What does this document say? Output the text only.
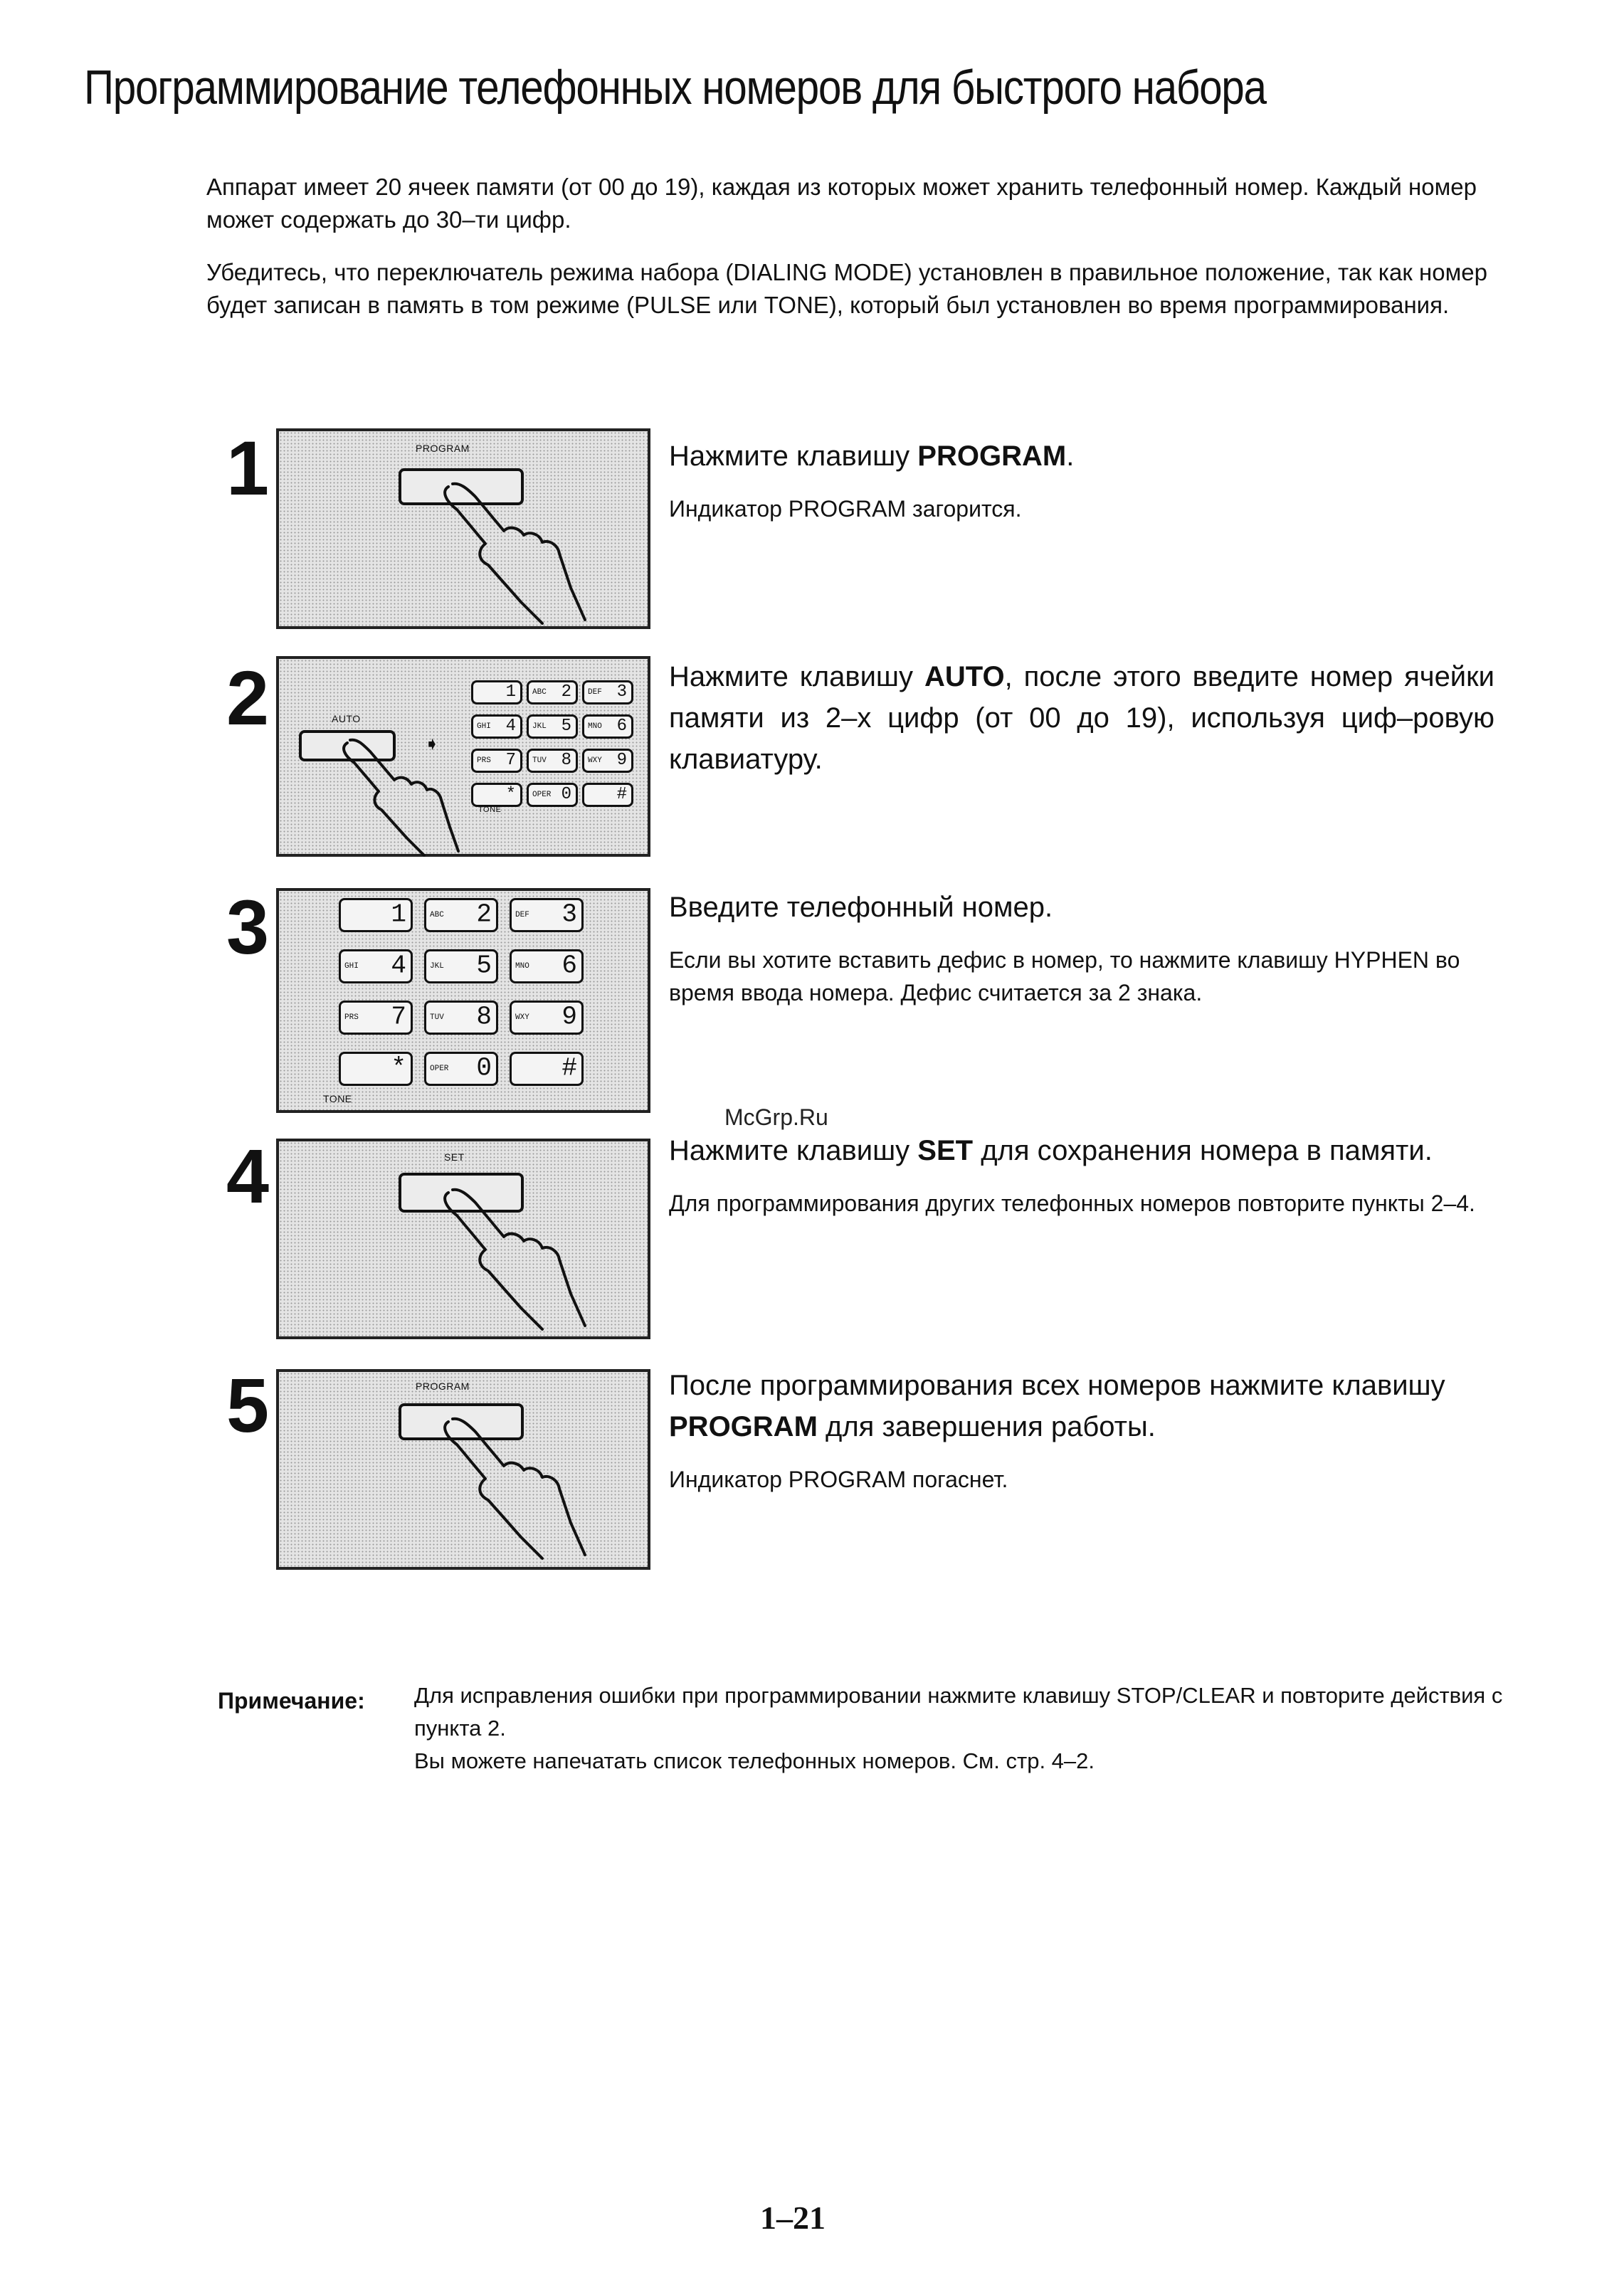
Программирование телефонных номеров для быстрого набора
Аппарат имеет 20 ячеек памяти (от 00 до 19), каждая из которых может хранить телефонный номер. Каждый номер может содержать до 30–ти цифр.
Убедитесь, что переключатель режима набора (DIALING MODE) установлен в правильное положение, так как номер будет записан в память в том режиме (PULSE или TONE), который был установлен во время программирования.
1	PROGRAM	Нажмите клавишу PROGRAM.
Индикатор PROGRAM загорится.
2	AUTO
➧
1 ABC 2 DEF 3
GHI 4 JKL 5 MNO 6
PRS 7 TUV 8 WXY 9
* OPER 0	#
TONE
Нажмите клавишу AUTO, после этого введите номер ячейки памяти из 2–х цифр (от 00 до 19), используя циф–ровую клавиатуру.
3	1	ABC 2	DEF 3
GHI 4	JKL 5	MNO 6
PRS 7	TUV 8	WXY 9
*	OPER 0	#
TONE
Введите телефонный номер.
Если вы хотите вставить дефис в номер, то нажмите клавишу HYPHEN во время ввода номера. Дефис считается за 2 знака.
McGrp.Ru
4	SET	Нажмите клавишу SET для сохранения номера в памяти.
Для программирования других телефонных номеров повторите пункты 2–4.
5	PROGRAM	После программирования всех номеров нажмите клавишу PROGRAM для завершения работы.
Индикатор PROGRAM погаснет.
Примечание: Для исправления ошибки при программировании нажмите клавишу STOP/CLEAR и повторите действия с пункта 2.
Вы можете напечатать список телефонных номеров. См. стр. 4–2.
1–21
